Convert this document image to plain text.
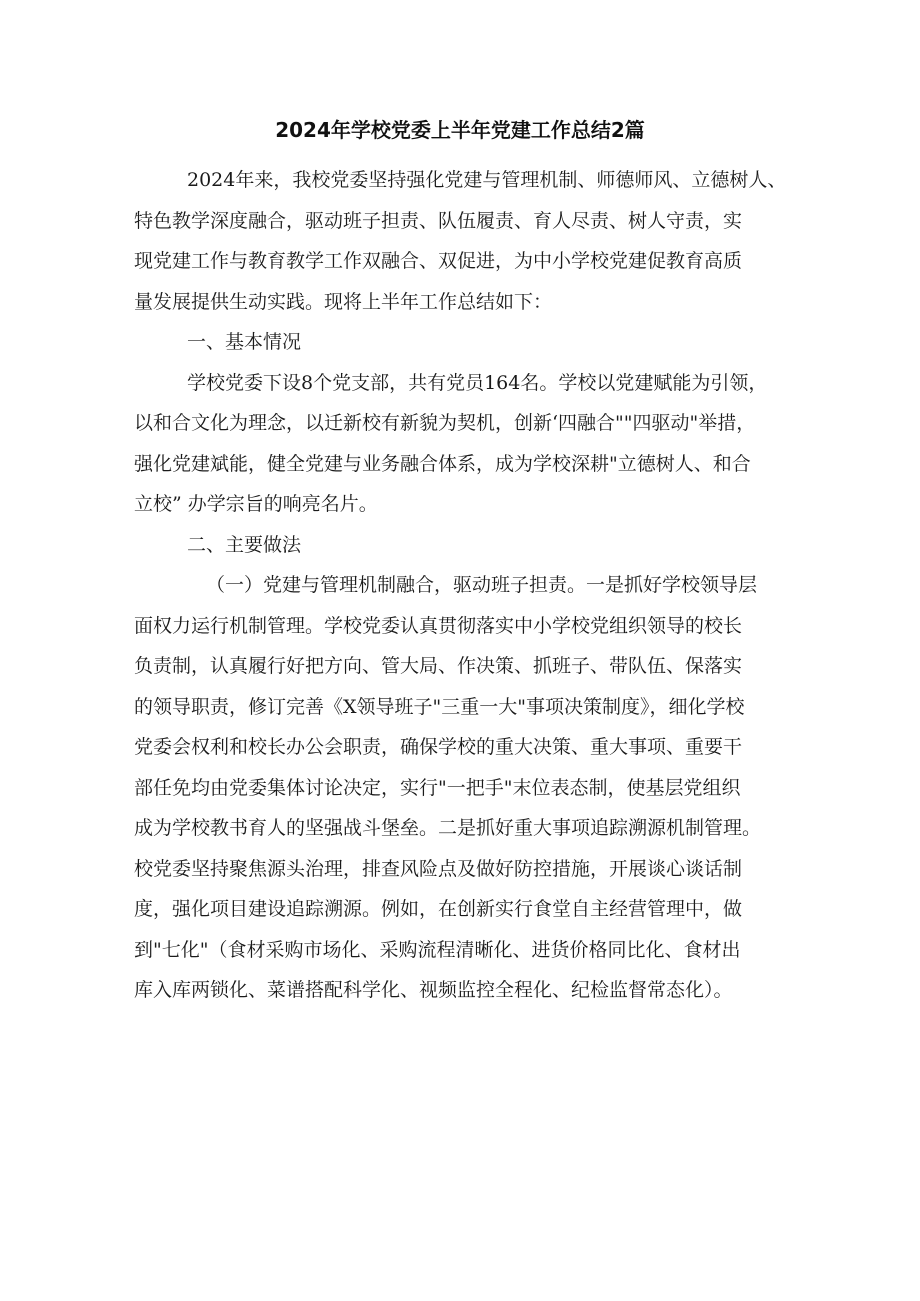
2024年学校党委上半年党建工作总结2篇
2024年来，我校党委坚持强化党建与管理机制、师德师风、立德树人、
特色教学深度融合，驱动班子担责、队伍履责、育人尽责、树人守责，实
现党建工作与教育教学工作双融合、双促进，为中小学校党建促教育高质
量发展提供生动实践。现将上半年工作总结如下：
一、基本情况
学校党委下设8个党支部，共有党员164名。学校以党建赋能为引领，
以和合文化为理念，以迁新校有新貌为契机，创新‘四融合""四驱动"举措，
强化党建斌能，健全党建与业务融合体系，成为学校深耕"立德树人、和合
立校” 办学宗旨的响亮名片。
二、主要做法
（一）党建与管理机制融合，驱动班子担责。一是抓好学校领导层
面权力运行机制管理。学校党委认真贯彻落实中小学校党组织领导的校长
负责制，认真履行好把方向、管大局、作决策、抓班子、带队伍、保落实
的领导职责，修订完善《X领导班子"三重一大"事项决策制度》，细化学校
党委会权利和校长办公会职责，确保学校的重大决策、重大事项、重要干
部任免均由党委集体讨论决定，实行"一把手"末位表态制，使基层党组织
成为学校教书育人的坚强战斗堡垒。二是抓好重大事项追踪溯源机制管理。
校党委坚持聚焦源头治理，排查风险点及做好防控措施，开展谈心谈话制
度，强化项目建设追踪溯源。例如，在创新实行食堂自主经营管理中，做
到"七化"（食材采购市场化、采购流程清晰化、进货价格同比化、食材出
库入库两锁化、菜谱搭配科学化、视频监控全程化、纪检监督常态化）。
